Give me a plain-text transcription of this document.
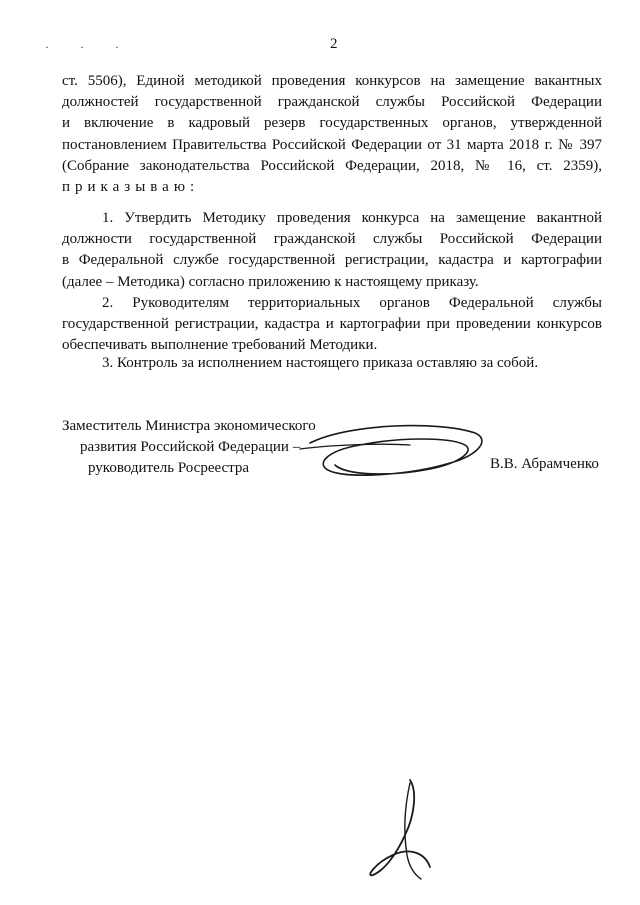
· · ·	2
ст. 5506), Единой методикой проведения конкурсов на замещение вакантных
должностей государственной гражданской службы Российской Федерации
и включение в кадровый резерв государственных органов, утвержденной
постановлением Правительства Российской Федерации от 31 марта 2018 г. № 397
(Собрание законодательства Российской Федерации, 2018, № 16, ст. 2359),
приказываю:
1. Утвердить Методику проведения конкурса на замещение вакантной
должности государственной гражданской службы Российской Федерации
в Федеральной службе государственной регистрации, кадастра и картографии
(далее – Методика) согласно приложению к настоящему приказу.
2. Руководителям территориальных органов Федеральной службы
государственной регистрации, кадастра и картографии при проведении конкурсов
обеспечивать выполнение требований Методики.
3. Контроль за исполнением настоящего приказа оставляю за собой.
Заместитель Министра экономического
развития Российской Федерации –
руководитель Росреестра	В.В. Абрамченко
